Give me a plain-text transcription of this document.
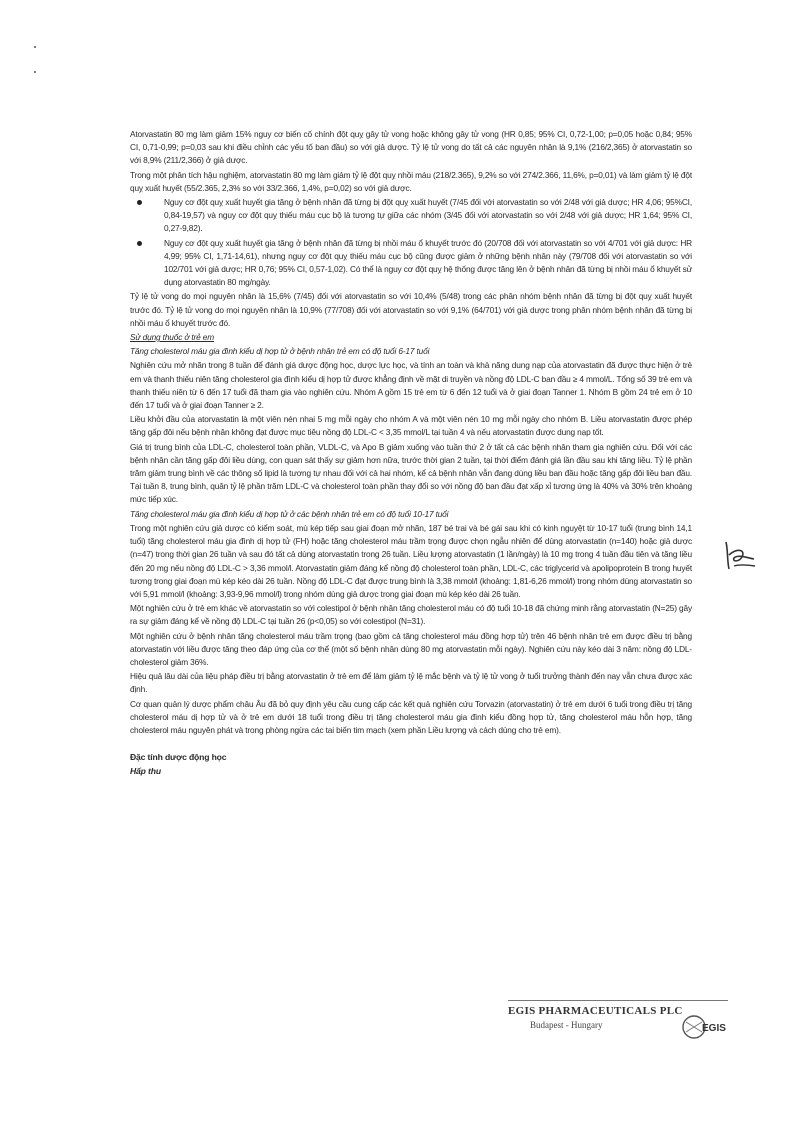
Atorvastatin 80 mg làm giảm 15% nguy cơ biến cố chính đột quỵ gây tử vong hoặc không gây tử vong (HR 0,85; 95% CI, 0,72-1,00; p=0,05 hoặc 0,84; 95% CI, 0,71-0,99; p=0,03 sau khi điều chỉnh các yếu tố ban đầu) so với giả dược. Tỷ lệ tử vong do tất cả các nguyên nhân là 9,1% (216/2,365) ở atorvastatin so với 8,9% (211/2,366) ở giả dược.

Trong một phân tích hậu nghiệm, atorvastatin 80 mg làm giảm tỷ lệ đột quỵ nhồi máu (218/2.365), 9,2% so với 274/2.366, 11,6%, p=0,01) và làm giảm tỷ lệ đột quỵ xuất huyết (55/2.365, 2,3% so với 33/2.366, 1,4%, p=0,02) so với giả dược.

Nguy cơ đột quỵ xuất huyết gia tăng ở bệnh nhân đã từng bị đột quỵ xuất huyết (7/45 đối với atorvastatin so với 2/48 với giả dược; HR 4,06; 95%CI, 0,84-19,57) và nguy cơ đột quỵ thiếu máu cục bộ là tương tự giữa các nhóm (3/45 đối với atorvastatin so với 2/48 với giả dược; HR 1,64; 95% CI, 0,27-9,82).
Nguy cơ đột quỵ xuất huyết gia tăng ở bệnh nhân đã từng bị nhồi máu ổ khuyết trước đó (20/708 đối với atorvastatin so với 4/701 với giả dược: HR 4,99; 95% CI, 1,71-14,61), nhưng nguy cơ đột quỵ thiếu máu cục bộ cũng được giảm ở những bệnh nhân này (79/708 đối với atorvastatin so với 102/701 với giả dược; HR 0,76; 95% CI, 0,57-1,02). Có thể là nguy cơ đột quỵ hệ thống được tăng lên ở bệnh nhân đã từng bị nhồi máu ổ khuyết sử dụng atorvastatin 80 mg/ngày.

Tỷ lệ tử vong do mọi nguyên nhân là 15,6% (7/45) đối với atorvastatin so với 10,4% (5/48) trong các phân nhóm bệnh nhân đã từng bị đột quỵ xuất huyết trước đó. Tỷ lệ tử vong do mọi nguyên nhân là 10,9% (77/708) đối với atorvastatin so với 9,1% (64/701) với giả dược trong phân nhóm bệnh nhân đã từng bị nhồi máu ổ khuyết trước đó.

Sử dụng thuốc ở trẻ em

Tăng cholesterol máu gia đình kiểu dị hợp tử ở bệnh nhân trẻ em có độ tuổi 6-17 tuổi

Nghiên cứu mở nhãn trong 8 tuần để đánh giá dược động học, dược lực học, và tính an toàn và khả năng dung nạp của atorvastatin đã được thực hiện ở trẻ em và thanh thiếu niên tăng cholesterol gia đình kiểu dị hợp tử được khẳng định về mặt di truyền và nồng độ LDL-C ban đầu ≥ 4 mmol/L. Tổng số 39 trẻ em và thanh thiếu niên từ 6 đến 17 tuổi đã tham gia vào nghiên cứu. Nhóm A gồm 15 trẻ em từ 6 đến 12 tuổi và ở giai đoạn Tanner 1. Nhóm B gồm 24 trẻ em ở 10 đến 17 tuổi và ở giai đoạn Tanner ≥ 2.

Liều khởi đầu của atorvastatin là một viên nén nhai 5 mg mỗi ngày cho nhóm A và một viên nén 10 mg mỗi ngày cho nhóm B. Liều atorvastatin được phép tăng gấp đôi nếu bệnh nhân không đạt được mục tiêu nồng độ LDL-C < 3,35 mmol/L tại tuần 4 và nếu atorvastatin được dung nạp tốt.

Giá trị trung bình của LDL-C, cholesterol toàn phần, VLDL-C, và Apo B giảm xuống vào tuần thứ 2 ở tất cả các bệnh nhân tham gia nghiên cứu. Đối với các bệnh nhân cần tăng gấp đôi liều dùng, con quan sát thấy sự giảm hơn nữa, trước thời gian 2 tuần, tại thời điểm đánh giá lần đầu sau khi tăng liều. Tỷ lệ phần trăm giảm trung bình về các thông số lipid là tương tự nhau đối với cả hai nhóm, kể cả bệnh nhân vẫn đang dùng liều ban đầu hoặc tăng gấp đôi liều ban đầu. Tại tuần 8, trung bình, quân tỷ lệ phần trăm LDL-C và cholesterol toàn phần thay đổi so với nồng độ ban đầu đạt xấp xỉ tương ứng là 40% và 30% trên khoảng mức tiếp xúc.

Tăng cholesterol máu gia đình kiểu dị hợp tử ở các bệnh nhân trẻ em có độ tuổi 10-17 tuổi

Trong một nghiên cứu giả dược có kiểm soát, mù kép tiếp sau giai đoạn mở nhãn, 187 bé trai và bé gái sau khi có kinh nguyệt từ 10-17 tuổi (trung bình 14,1 tuổi) tăng cholesterol máu gia đình dị hợp tử (FH) hoặc tăng cholesterol máu trầm trọng được chọn ngẫu nhiên để dùng atorvastatin (n=140) hoặc giả dược (n=47) trong thời gian 26 tuần và sau đó tất cả dùng atorvastatin trong 26 tuần. Liều lượng atorvastatin (1 lần/ngày) là 10 mg trong 4 tuần đầu tiên và tăng liều đến 20 mg nếu nồng độ LDL-C > 3,36 mmol/l. Atorvastatin giảm đáng kể nồng độ cholesterol toàn phần, LDL-C, các triglycerid và apolipoprotein B trong huyết tương trong giai đoạn mù kép kéo dài 26 tuần. Nồng độ LDL-C đạt được trung bình là 3,38 mmol/l (khoảng: 1,81-6,26 mmol/l) trong nhóm dùng atorvastatin so với 5,91 mmol/l (khoảng: 3,93-9,96 mmol/l) trong nhóm dùng giả dược trong giai đoạn mù kép kéo dài 26 tuần.

Một nghiên cứu ở trẻ em khác về atorvastatin so với colestipol ở bệnh nhân tăng cholesterol máu có độ tuổi 10-18 đã chứng minh rằng atorvastatin (N=25) gây ra sự giảm đáng kể về nồng độ LDL-C tại tuần 26 (p<0,05) so với colestipol (N=31).

Một nghiên cứu ở bệnh nhân tăng cholesterol máu trầm trọng (bao gồm cả tăng cholesterol máu đồng hợp tử) trên 46 bệnh nhân trẻ em được điều trị bằng atorvastatin với liều được tăng theo đáp ứng của cơ thể (một số bệnh nhân dùng 80 mg atorvastatin mỗi ngày). Nghiên cứu này kéo dài 3 năm: nồng độ LDL-cholesterol giảm 36%.

Hiệu quả lâu dài của liệu pháp điều trị bằng atorvastatin ở trẻ em để làm giảm tỷ lệ mắc bệnh và tỷ lệ tử vong ở tuổi trưởng thành đến nay vẫn chưa được xác định.

Cơ quan quản lý dược phẩm châu Âu đã bỏ quy định yêu cầu cung cấp các kết quả nghiên cứu Torvazin (atorvastatin) ở trẻ em dưới 6 tuổi trong điều trị tăng cholesterol máu dị hợp tử và ở trẻ em dưới 18 tuổi trong điều trị tăng cholesterol máu gia đình kiểu đồng hợp tử, tăng cholesterol máu hỗn hợp, tăng cholesterol máu nguyên phát và trong phòng ngừa các tai biến tim mạch (xem phần Liều lượng và cách dùng cho trẻ em).

Đặc tính dược động học

Hấp thu

EGIS PHARMACEUTICALS PLC
Budapest - Hungary	EGIS
